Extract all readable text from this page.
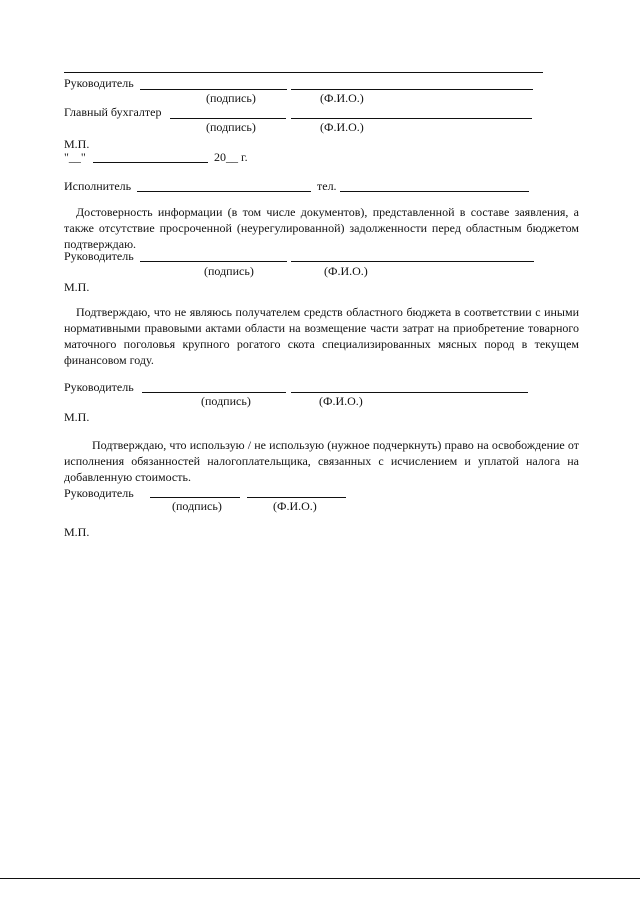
Руководитель
(подпись)	(Ф.И.О.)
Главный бухгалтер
(подпись)	(Ф.И.О.)
М.П.
"__"	20__ г.
Исполнитель	тел.
Достоверность информации (в том числе документов), представленной в составе заявления, а также отсутствие просроченной (неурегулированной) задолженности перед областным бюджетом подтверждаю.
Руководитель
(подпись)	(Ф.И.О.)
М.П.
Подтверждаю, что не являюсь получателем средств областного бюджета в соответствии с иными нормативными правовыми актами области на возмещение части затрат на приобретение товарного маточного поголовья крупного рогатого скота специализированных мясных пород в текущем финансовом году.
Руководитель
(подпись)	(Ф.И.О.)
М.П.
Подтверждаю, что использую / не использую (нужное подчеркнуть) право на освобождение от исполнения обязанностей налогоплательщика, связанных с исчислением и уплатой налога на добавленную стоимость.
Руководитель
(подпись)	(Ф.И.О.)
М.П.
